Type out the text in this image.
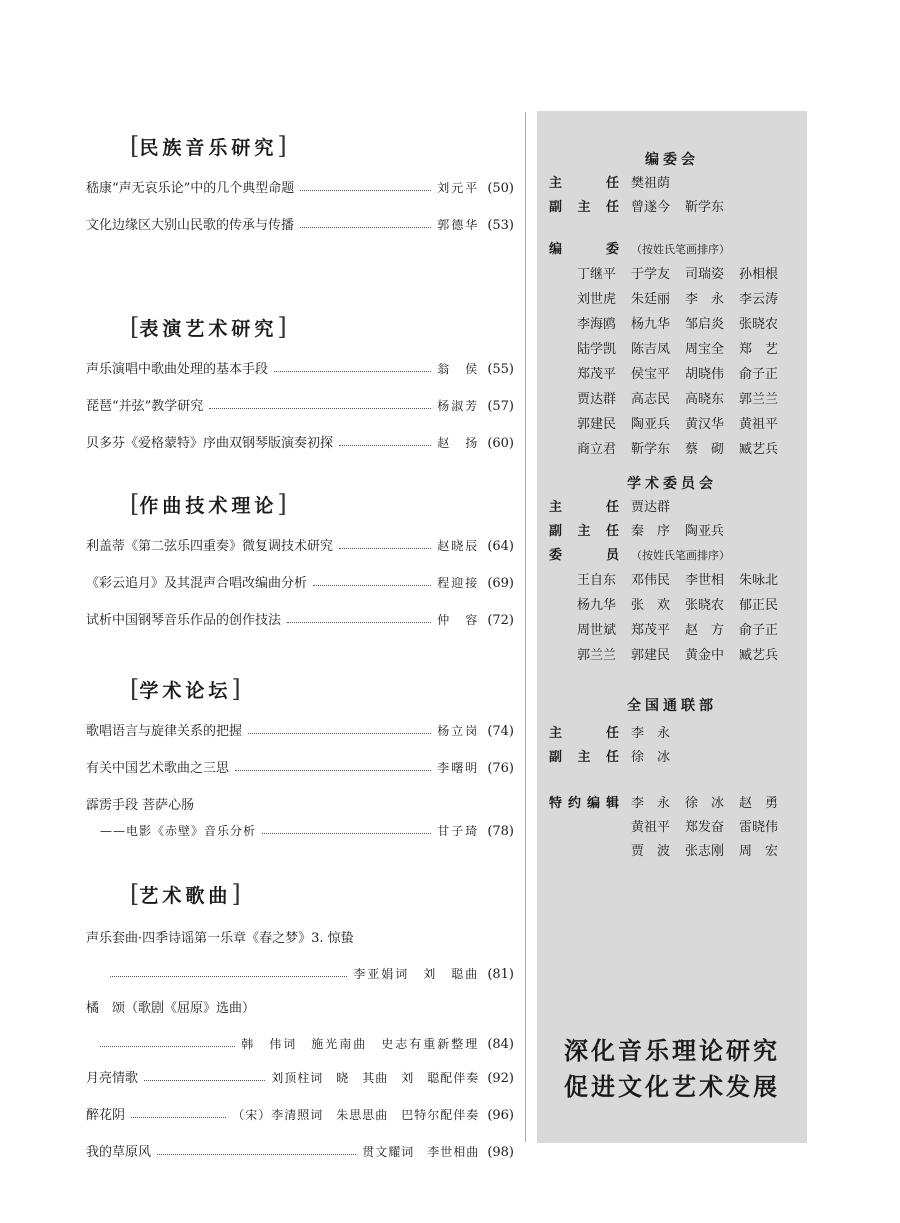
[民族音乐研究]
嵇康“声无哀乐论”中的几个典型命题	刘元平 (50)
文化边缘区大别山民歌的传承与传播	郭德华 (53)
[表演艺术研究]
声乐演唱中歌曲处理的基本手段	翁　侯 (55)
琵琶“并弦”教学研究	杨淑芳 (57)
贝多芬《爱格蒙特》序曲双钢琴版演奏初探	赵　扬 (60)
[作曲技术理论]
利盖蒂《第二弦乐四重奏》微复调技术研究	赵晓辰 (64)
《彩云追月》及其混声合唱改编曲分析	程迎接 (69)
试析中国钢琴音乐作品的创作技法	仲　容 (72)
[学术论坛]
歌唱语言与旋律关系的把握	杨立岗 (74)
有关中国艺术歌曲之三思	李曙明 (76)
霹雳手段 菩萨心肠
——电影《赤壁》音乐分析	甘子琦 (78)
[艺术歌曲]
声乐套曲·四季诗谣第一乐章《春之梦》3. 惊蛰
李亚娟词　刘　聪曲 (81)
橘　颂（歌剧《屈原》选曲）
韩　伟词　施光南曲　史志有重新整理 (84)
月亮情歌	刘顶柱词　晓　其曲　刘　聪配伴奏 (92)
醉花阴	（宋）李清照词　朱思思曲　巴特尔配伴奏 (96)
我的草原风	贯文耀词　李世相曲 (98)
编委会
主	任 樊祖荫
副 主 任 曾遂今	靳学东
编	委 （按姓氏笔画排序）
丁继平	于学友	司瑞姿	孙相根
刘世虎	朱廷丽	李　永	李云涛
李海鸥	杨九华	邹启炎	张晓农
陆学凯	陈吉凤	周宝全	郑　艺
郑茂平	侯宝平	胡晓伟	俞子正
贾达群	高志民	高晓东	郭兰兰
郭建民	陶亚兵	黄汉华	黄祖平
商立君	靳学东	蔡　砌	臧艺兵
学术委员会
主	任 贾达群
副 主 任 秦　序	陶亚兵
委	员 （按姓氏笔画排序）
王自东	邓伟民	李世相	朱咏北
杨九华	张　欢	张晓农	郁正民
周世斌	郑茂平	赵　方	俞子正
郭兰兰	郭建民	黄金中	臧艺兵
全国通联部
主	任 李　永
副 主 任 徐　冰
特 约 编 辑 李　永	徐　冰	赵　勇
黄祖平	郑发奋	雷晓伟
贾　波	张志刚	周　宏
深化音乐理论研究
促进文化艺术发展
